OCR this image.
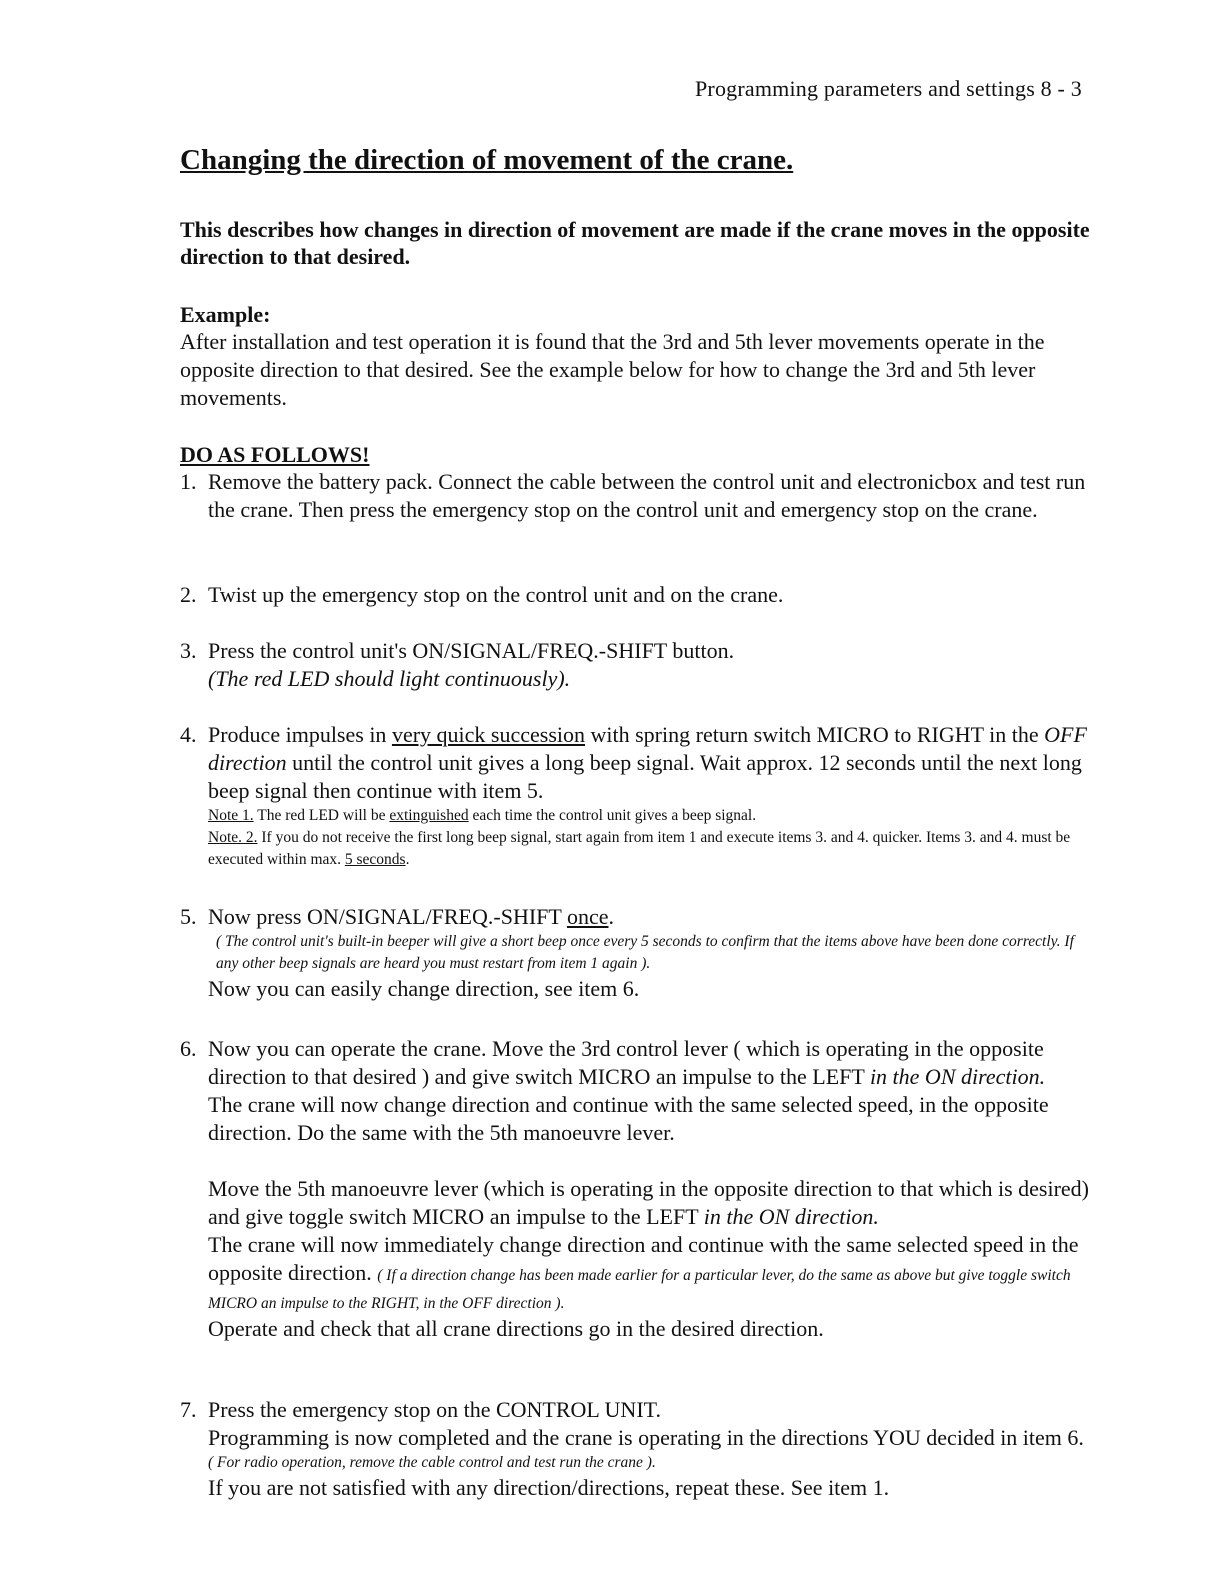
Programming parameters and settings 8 - 3
Changing the direction of movement of the crane.
This describes how changes in direction of movement are made if the crane moves in the opposite direction to that desired.
Example:
After installation and test operation it is found that the 3rd and 5th lever movements operate in the opposite direction to that desired. See the example below for how to change the 3rd and 5th lever movements.
DO AS FOLLOWS!
1. Remove the battery pack. Connect the cable between the control unit and electronicbox and test run the crane. Then press the emergency stop on the control unit and emergency stop on the crane.
2. Twist up the emergency stop on the control unit and on the crane.
3. Press the control unit's ON/SIGNAL/FREQ.-SHIFT button.
(The red LED should light continuously).
4. Produce impulses in very quick succession with spring return switch MICRO to RIGHT in the OFF direction until the control unit gives a long beep signal. Wait approx. 12 seconds until the next long beep signal then continue with item 5.
Note 1. The red LED will be extinguished each time the control unit gives a beep signal.
Note. 2. If you do not receive the first long beep signal, start again from item 1 and execute items 3. and 4. quicker. Items 3. and 4. must be executed within max. 5 seconds.
5. Now press ON/SIGNAL/FREQ.-SHIFT once.
( The control unit's built-in beeper will give a short beep once every 5 seconds to confirm that the items above have been done correctly. If any other beep signals are heard you must restart from item 1 again ).
Now you can easily change direction, see item 6.
6. Now you can operate the crane. Move the 3rd control lever ( which is operating in the opposite direction to that desired ) and give switch MICRO an impulse to the LEFT in the ON direction.
The crane will now change direction and continue with the same selected speed, in the opposite direction. Do the same with the 5th manoeuvre lever.
Move the 5th manoeuvre lever (which is operating in the opposite direction to that which is desired) and give toggle switch MICRO an impulse to the LEFT in the ON direction.
The crane will now immediately change direction and continue with the same selected speed in the opposite direction. ( If a direction change has been made earlier for a particular lever, do the same as above but give toggle switch MICRO an impulse to the RIGHT, in the OFF direction ).
Operate and check that all crane directions go in the desired direction.
7. Press the emergency stop on the CONTROL UNIT.
Programming is now completed and the crane is operating in the directions YOU decided in item 6.
( For radio operation, remove the cable control and test run the crane ).
If you are not satisfied with any direction/directions, repeat these. See item 1.
